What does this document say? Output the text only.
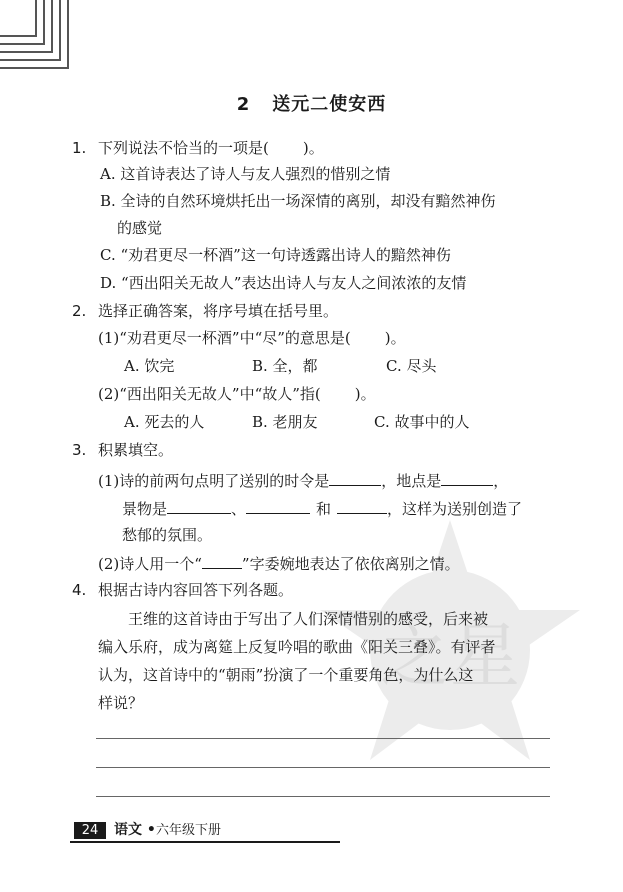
之星
2 送元二使安西
1. 下列说法不恰当的一项是( )。
A. 这首诗表达了诗人与友人强烈的惜别之情
B. 全诗的自然环境烘托出一场深情的离别，却没有黯然神伤
的感觉
C. “劝君更尽一杯酒”这一句诗透露出诗人的黯然神伤
D. “西出阳关无故人”表达出诗人与友人之间浓浓的友情
2. 选择正确答案，将序号填在括号里。
(1)“劝君更尽一杯酒”中“尽”的意思是( )。
A. 饮完	B. 全，都	C. 尽头
(2)“西出阳关无故人”中“故人”指( )。
A. 死去的人	B. 老朋友	C. 故事中的人
3. 积累填空。
(1)诗的前两句点明了送别的时令是	，地点是	，
景物是	、	和	，这样为送别创造了
愁郁的氛围。
(2)诗人用一个“	”字委婉地表达了依依离别之情。
4. 根据古诗内容回答下列各题。
王维的这首诗由于写出了人们深情惜别的感受，后来被
编入乐府，成为离筵上反复吟唱的歌曲《阳关三叠》。有评者
认为，这首诗中的“朝雨”扮演了一个重要角色，为什么这
样说？
24	语文 • 六年级下册
